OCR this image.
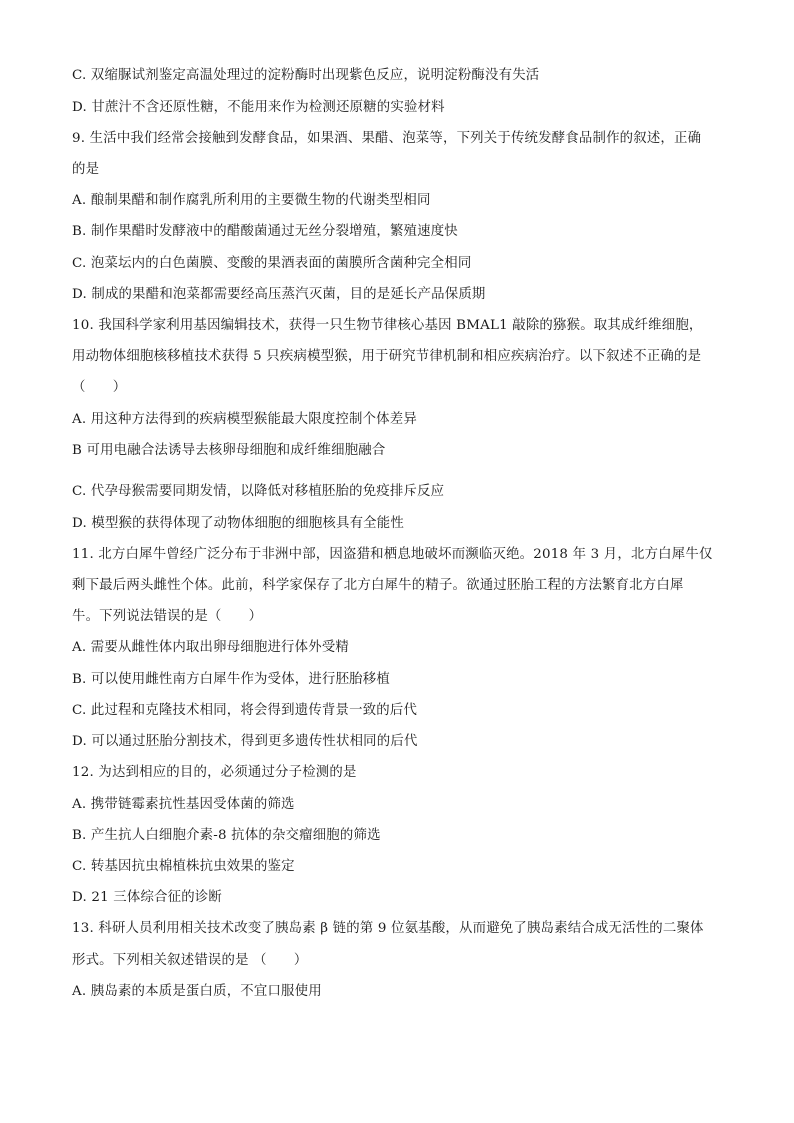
C. 双缩脲试剂鉴定高温处理过的淀粉酶时出现紫色反应，说明淀粉酶没有失活
D. 甘蔗汁不含还原性糖，不能用来作为检测还原糖的实验材料
9. 生活中我们经常会接触到发酵食品，如果酒、果醋、泡菜等，下列关于传统发酵食品制作的叙述，正确
的是
A. 酿制果醋和制作腐乳所利用的主要微生物的代谢类型相同
B. 制作果醋时发酵液中的醋酸菌通过无丝分裂增殖，繁殖速度快
C. 泡菜坛内的白色菌膜、变酸的果酒表面的菌膜所含菌种完全相同
D. 制成的果醋和泡菜都需要经高压蒸汽灭菌，目的是延长产品保质期
10. 我国科学家利用基因编辑技术，获得一只生物节律核心基因 BMAL1 敲除的猕猴。取其成纤维细胞，
用动物体细胞核移植技术获得 5 只疾病模型猴，用于研究节律机制和相应疾病治疗。以下叙述不正确的是
（　　）
A. 用这种方法得到的疾病模型猴能最大限度控制个体差异
B 可用电融合法诱导去核卵母细胞和成纤维细胞融合
C. 代孕母猴需要同期发情，以降低对移植胚胎的免疫排斥反应
D. 模型猴的获得体现了动物体细胞的细胞核具有全能性
11. 北方白犀牛曾经广泛分布于非洲中部，因盗猎和栖息地破坏而濒临灭绝。2018 年 3 月，北方白犀牛仅
剩下最后两头雌性个体。此前，科学家保存了北方白犀牛的精子。欲通过胚胎工程的方法繁育北方白犀
牛。下列说法错误的是（　　）
A. 需要从雌性体内取出卵母细胞进行体外受精
B. 可以使用雌性南方白犀牛作为受体，进行胚胎移植
C. 此过程和克隆技术相同，将会得到遗传背景一致的后代
D. 可以通过胚胎分割技术，得到更多遗传性状相同的后代
12. 为达到相应的目的，必须通过分子检测的是
A. 携带链霉素抗性基因受体菌的筛选
B. 产生抗人白细胞介素-8 抗体的杂交瘤细胞的筛选
C. 转基因抗虫棉植株抗虫效果的鉴定
D. 21 三体综合征的诊断
13. 科研人员利用相关技术改变了胰岛素 β 链的第 9 位氨基酸，从而避免了胰岛素结合成无活性的二聚体
形式。下列相关叙述错误的是 （　　）
A. 胰岛素的本质是蛋白质，不宜口服使用
